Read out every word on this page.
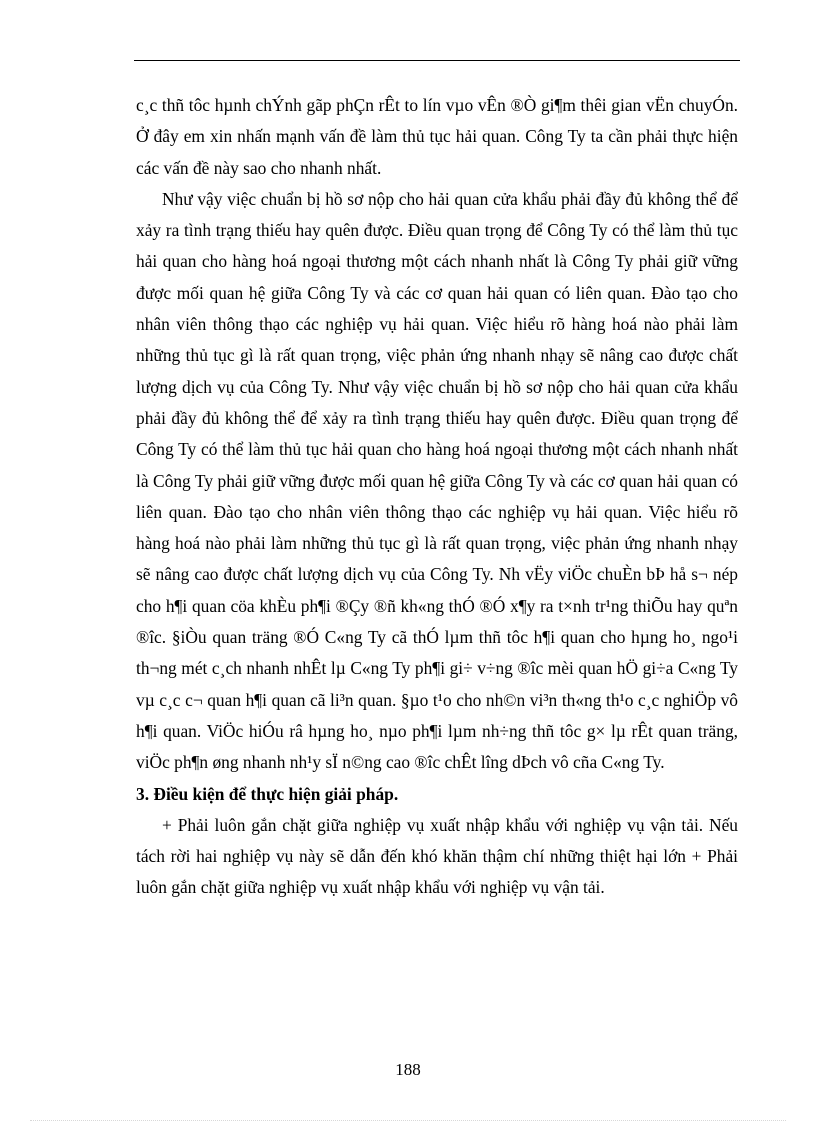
c¸c thñ tôc hµnh chÝnh gãp phÇn rÊt to lín vµo vÊn ®Ò gi¶m thêi gian vËn chuyÓn. Ở đây em xin nhấn mạnh vấn đề làm thủ tục hải quan. Công Ty ta cần phải thực hiện các vấn đề này sao cho nhanh nhất.

Như vậy việc chuẩn bị hồ sơ nộp cho hải quan cửa khẩu phải đầy đủ không thể để xảy ra tình trạng thiếu hay quên được. Điều quan trọng để Công Ty có thể làm thủ tục hải quan cho hàng hoá ngoại thương một cách nhanh nhất là Công Ty phải giữ vững được mối quan hệ giữa Công Ty và các cơ quan hải quan có liên quan. Đào tạo cho nhân viên thông thạo các nghiệp vụ hải quan. Việc hiểu rõ hàng hoá nào phải làm những thủ tục gì là rất quan trọng, việc phản ứng nhanh nhạy sẽ nâng cao được chất lượng dịch vụ của Công Ty. Như vậy việc chuẩn bị hồ sơ nộp cho hải quan cửa khẩu phải đầy đủ không thể để xảy ra tình trạng thiếu hay quên được. Điều quan trọng để Công Ty có thể làm thủ tục hải quan cho hàng hoá ngoại thương một cách nhanh nhất là Công Ty phải giữ vững được mối quan hệ giữa Công Ty và các cơ quan hải quan có liên quan. Đào tạo cho nhân viên thông thạo các nghiệp vụ hải quan. Việc hiểu rõ hàng hoá nào phải làm những thủ tục gì là rất quan trọng, việc phản ứng nhanh nhạy sẽ nâng cao được chất lượng dịch vụ của Công Ty. Nh vËy viÖc chuÈn bÞ hå s¬ nép cho h¶i quan cöa khÈu ph¶i ®Çy ®ñ kh«ng thÓ ®Ó x¶y ra t×nh tr¹ng thiÕu hay quªn ®îc. §iÒu quan träng ®Ó C«ng Ty cã thÓ lµm thñ tôc h¶i quan cho hµng ho¸ ngo¹i th¬ng mét c¸ch nhanh nhÊt lµ C«ng Ty ph¶i gi÷ v÷ng ®îc mèi quan hÖ gi÷a C«ng Ty vµ c¸c c¬ quan h¶i quan cã li³n quan. §µo t¹o cho nh©n vi³n th«ng th¹o c¸c nghiÖp vô h¶i quan. ViÖc hiÓu râ hµng ho¸ nµo ph¶i lµm nh÷ng thñ tôc g× lµ rÊt quan träng, viÖc ph¶n øng nhanh nh¹y sÏ n©ng cao ®îc chÊt lîng dÞch vô cña C«ng Ty.

3. Điều kiện để thực hiện giải pháp.

+ Phải luôn gắn chặt giữa nghiệp vụ xuất nhập khẩu với nghiệp vụ vận tải. Nếu tách rời hai nghiệp vụ này sẽ dẫn đến khó khăn thậm chí những thiệt hại lớn + Phải luôn gắn chặt giữa nghiệp vụ xuất nhập khẩu với nghiệp vụ vận tải.

188
